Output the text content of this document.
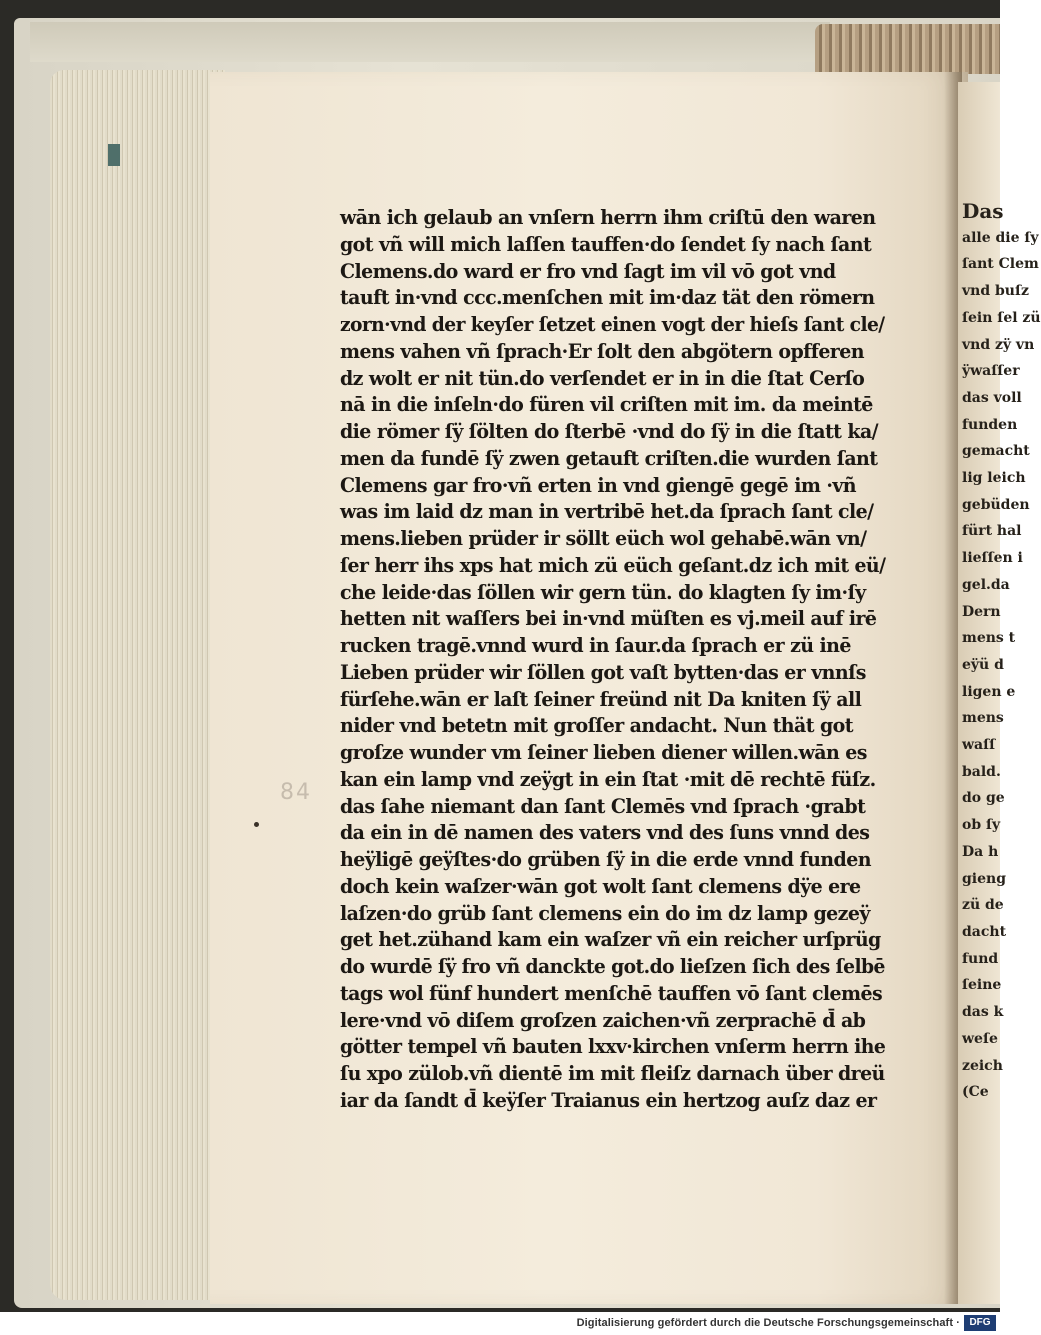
Das
alle die ſy
ſant Clem
vnd buſz
ſein ſel zü
vnd zÿ vn
ÿwaſſer
das voll
funden
gemacht
lig leich
gebüden
fürt hal
lieſſen i
gel.da
Dern
mens t
eÿü d
ligen e
mens
waſſ
bald.
do ge
ob ſy
Da h
gieng
zü de
dacht
fund
ſeine
das k
weſe
zeich
(Ce
84
wān ich gelaub an vnſern herrn ihm criſtū den waren
got vñ will mich laſſen tauffen·do ſendet ſy nach ſant
Clemens.do ward er fro vnd ſagt im vil vō got vnd
tauft in·vnd ccc.menſchen mit im·daz tät den römern
zorn·vnd der keyſer ſetzet einen vogt der hieſs ſant cle/
mens vahen vñ ſprach·Er ſolt den abgötern opfferen
dz wolt er nit tün.do verſendet er in in die ſtat Cerſo
nā in die inſeln·do füren vil criſten mit im. da meintē
die römer ſÿ ſölten do ſterbē ·vnd do ſÿ in die ſtatt ka/
men da fundē ſÿ zwen getauft criſten.die wurden ſant
Clemens gar fro·vñ erten in vnd giengē gegē im ·vñ
was im laid dz man in vertribē het.da ſprach ſant cle/
mens.lieben prüder ir söllt eüch wol gehabē.wān vn/
ſer herr ihs xps hat mich zü eüch geſant.dz ich mit eü/
che leide·das ſöllen wir gern tün. do klagten ſy im·ſy
hetten nit waſſers bei in·vnd müſten es vj.meil auf irē
rucken tragē.vnnd wurd in ſaur.da ſprach er zü inē
Lieben prüder wir ſöllen got vaſt bytten·das er vnnſs
fürſehe.wān er laſt ſeiner freünd nit Da kniten ſÿ all
nider vnd betetn mit groſſer andacht. Nun thät got
groſze wunder vm ſeiner lieben diener willen.wān es
kan ein lamp vnd zeÿgt in ein ſtat ·mit dē rechtē füſz.
das ſahe niemant dan ſant Clemēs vnd ſprach ·grabt
da ein in dē namen des vaters vnd des ſuns vnnd des
heÿligē geÿſtes·do grüben ſÿ in die erde vnnd funden
doch kein waſzer·wān got wolt ſant clemens dÿe ere
laſzen·do grüb ſant clemens ein do im dz lamp gezeÿ
get het.zühand kam ein waſzer vñ ein reicher urſprüg
do wurdē ſÿ fro vñ danckte got.do lieſzen ſich des ſelbē
tags wol fünf hundert menſchē tauffen vō ſant clemēs
lere·vnd vō diſem groſzen zaichen·vñ zerprachē d̄ ab
götter tempel vñ bauten lxxv·kirchen vnſerm herrn ihe
ſu xpo zülob.vñ dientē im mit fleiſz darnach über dreü
iar da ſandt d̄ keÿſer Traianus ein hertzog auſz daz er
Digitalisierung gefördert durch die Deutsche Forschungsgemeinschaft · DFG
